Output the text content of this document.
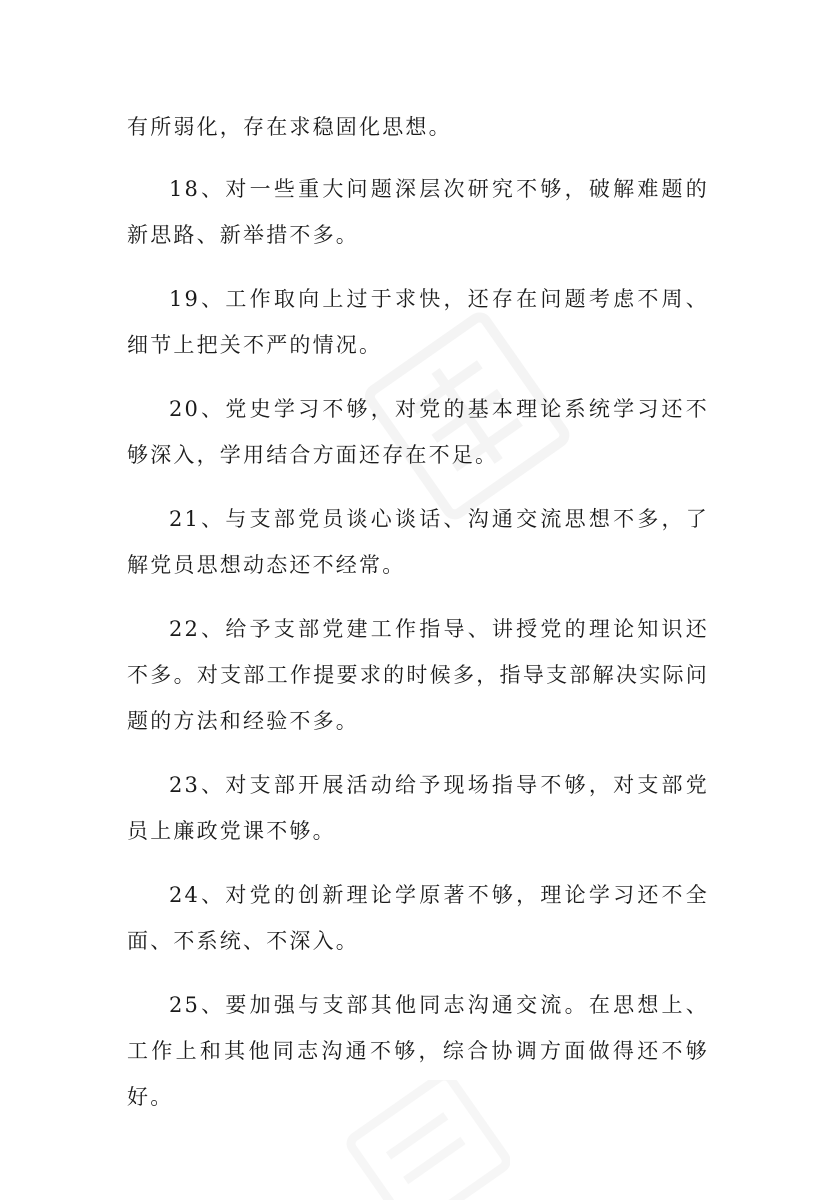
有所弱化，存在求稳固化思想。

18、对一些重大问题深层次研究不够，破解难题的新思路、新举措不多。

19、工作取向上过于求快，还存在问题考虑不周、细节上把关不严的情况。

20、党史学习不够，对党的基本理论系统学习还不够深入，学用结合方面还存在不足。

21、与支部党员谈心谈话、沟通交流思想不多，了解党员思想动态还不经常。

22、给予支部党建工作指导、讲授党的理论知识还不多。对支部工作提要求的时候多，指导支部解决实际问题的方法和经验不多。

23、对支部开展活动给予现场指导不够，对支部党员上廉政党课不够。

24、对党的创新理论学原著不够，理论学习还不全面、不系统、不深入。

25、要加强与支部其他同志沟通交流。在思想上、工作上和其他同志沟通不够，综合协调方面做得还不够好。
